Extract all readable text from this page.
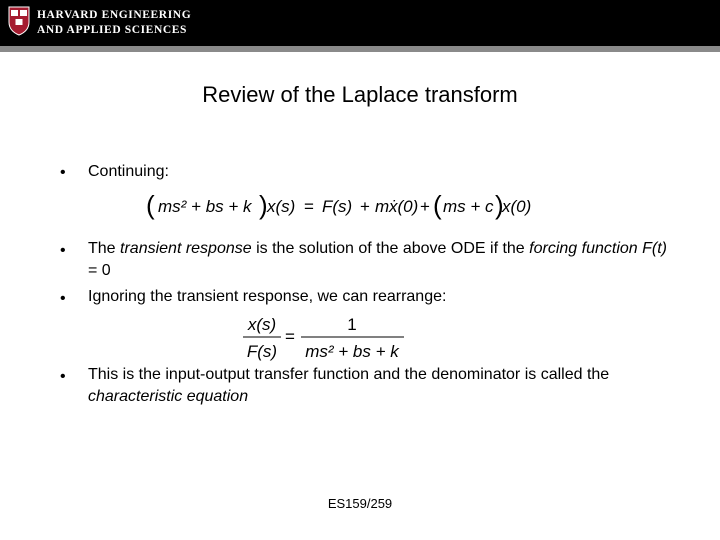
HARVARD ENGINEERING
AND APPLIED SCIENCES
Review of the Laplace transform
• Continuing:
( ms² + bs + k ) x(s) = F(s) + m ẋ(0) + ( ms + c )
x(0)
• The transient response is the solution of the above ODE if the forcing function F(t) = 0
• Ignoring the transient response, we can rearrange:
x(s)
F(s)
=
1
ms² + bs + k
• This is the input-output transfer function and the denominator is called the characteristic equation
ES159/259
